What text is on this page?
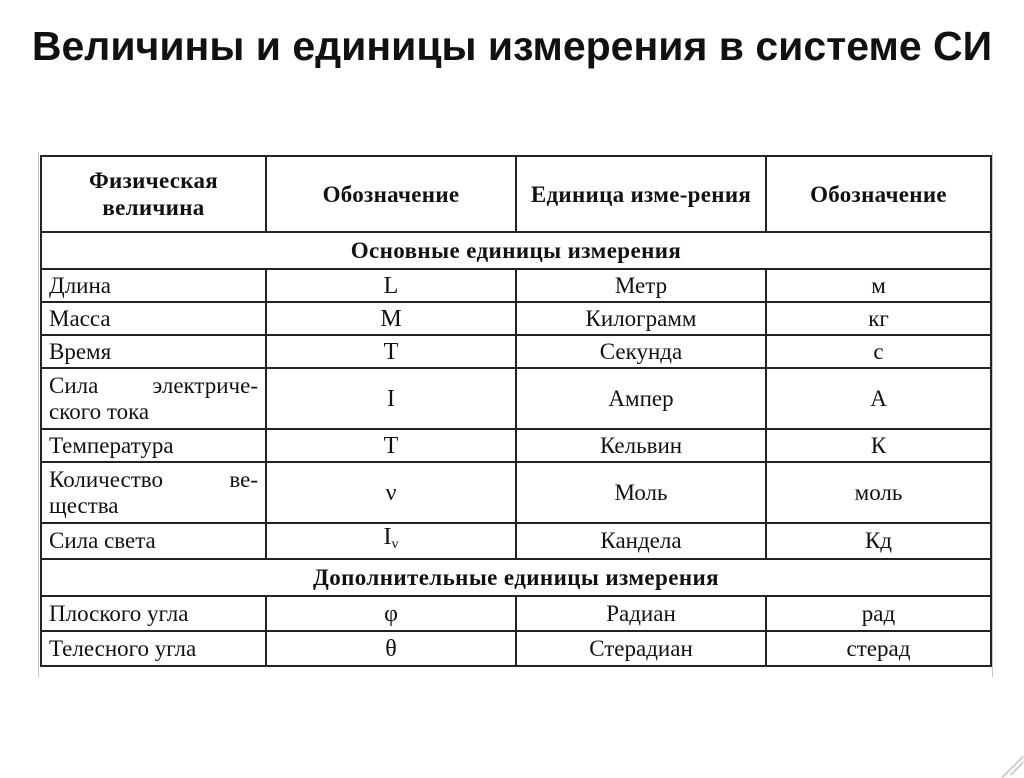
Величины и единицы измерения в системе СИ
Физическая величина	Обозначение	Единица изме-рения	Обозначение
Основные единицы измерения			
Длина	L	Метр	м
Масса	M	Килограмм	кг
Время	T	Секунда	с
Сила электриче-ского тока	I	Ампер	А
Температура	T	Кельвин	К
Количество ве-щества	ν	Моль	моль
Сила света	$I_v$	Кандела	Кд
Дополнительные единицы измерения			
Плоского угла	φ	Радиан	рад
Телесного угла	θ	Стерадиан	стерад
